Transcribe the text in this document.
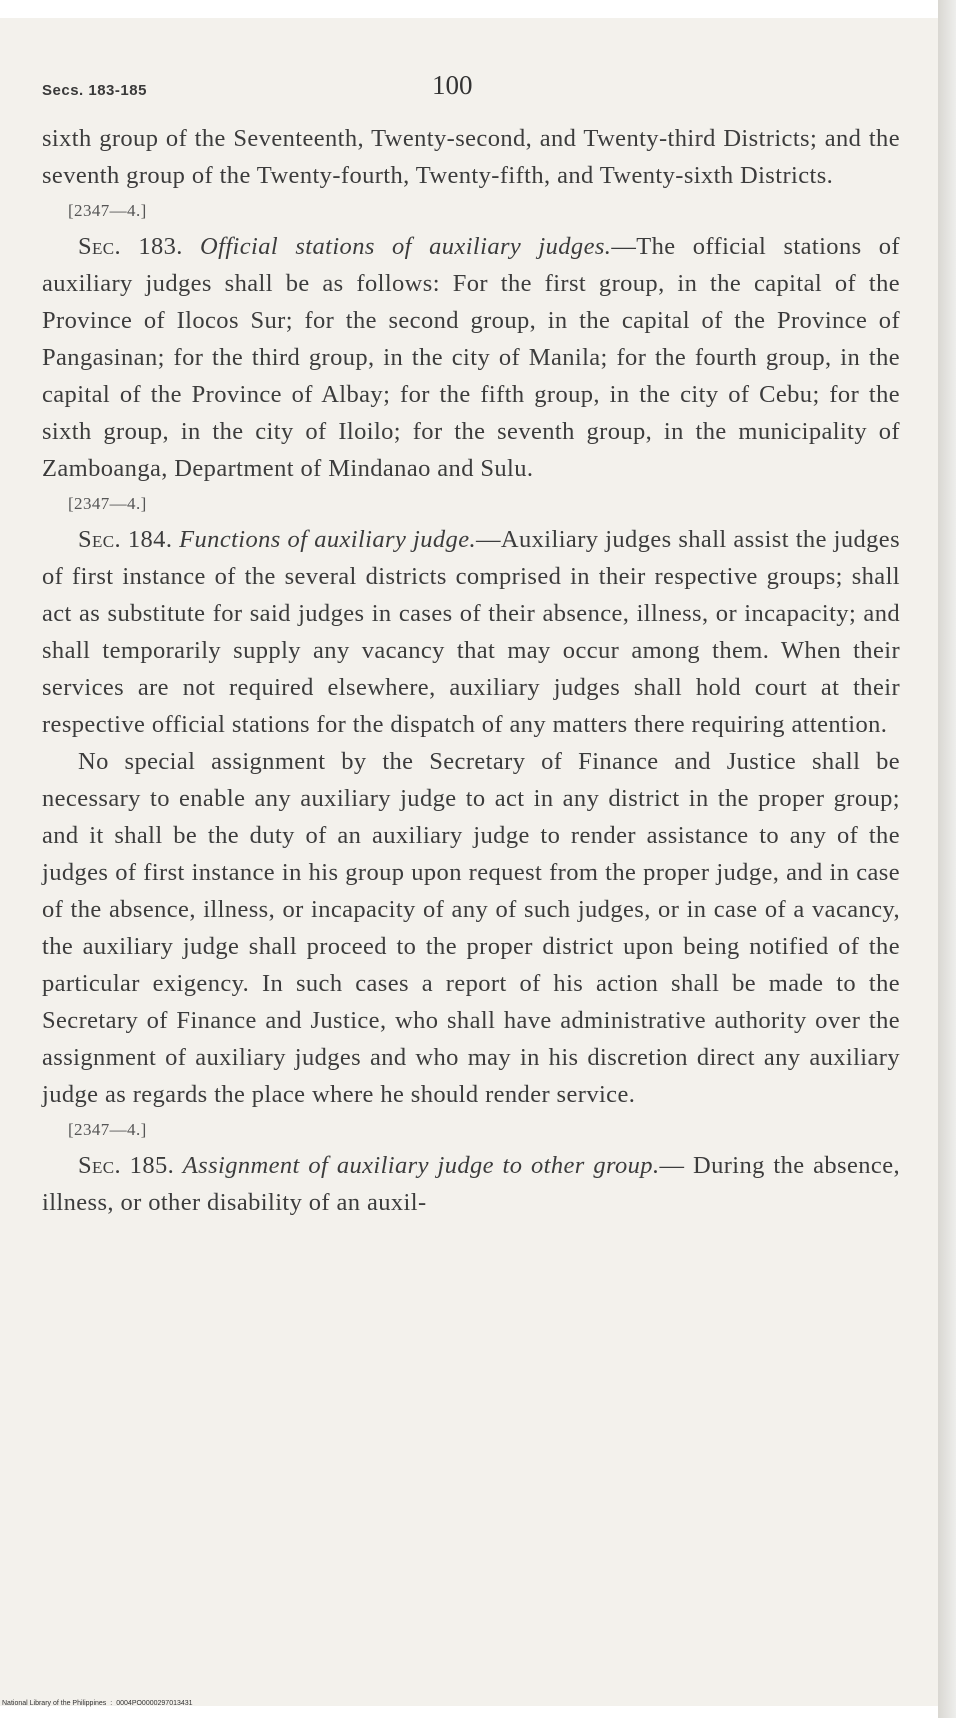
Secs. 183-185	100

sixth group of the Seventeenth, Twenty-second, and Twenty-third Districts; and the seventh group of the Twenty-fourth, Twenty-fifth, and Twenty-sixth Districts.

[2347—4.]

Sec. 183. Official stations of auxiliary judges.—The official stations of auxiliary judges shall be as follows: For the first group, in the capital of the Province of Ilocos Sur; for the second group, in the capital of the Province of Pangasinan; for the third group, in the city of Manila; for the fourth group, in the capital of the Province of Albay; for the fifth group, in the city of Cebu; for the sixth group, in the city of Iloilo; for the seventh group, in the municipality of Zamboanga, Department of Mindanao and Sulu.

[2347—4.]

Sec. 184. Functions of auxiliary judge.—Auxiliary judges shall assist the judges of first instance of the several districts comprised in their respective groups; shall act as substitute for said judges in cases of their absence, illness, or incapacity; and shall temporarily supply any vacancy that may occur among them. When their services are not required elsewhere, auxiliary judges shall hold court at their respective official stations for the dispatch of any matters there requiring attention.

No special assignment by the Secretary of Finance and Justice shall be necessary to enable any auxiliary judge to act in any district in the proper group; and it shall be the duty of an auxiliary judge to render assistance to any of the judges of first instance in his group upon request from the proper judge, and in case of the absence, illness, or incapacity of any of such judges, or in case of a vacancy, the auxiliary judge shall proceed to the proper district upon being notified of the particular exigency. In such cases a report of his action shall be made to the Secretary of Finance and Justice, who shall have administrative authority over the assignment of auxiliary judges and who may in his discretion direct any auxiliary judge as regards the place where he should render service.

[2347—4.]

Sec. 185. Assignment of auxiliary judge to other group.— During the absence, illness, or other disability of an auxil-

National Library of the Philippines : 0004PO0000297013431
